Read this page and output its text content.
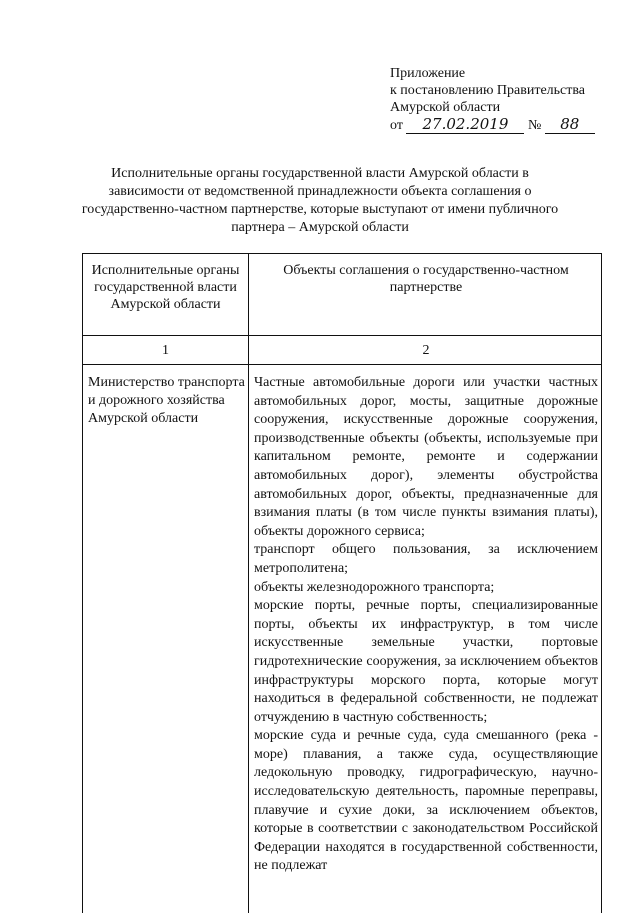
Приложение
к постановлению Правительства
Амурской области
от 27.02.2019 № 88
Исполнительные органы государственной власти Амурской области в зависимости от ведомственной принадлежности объекта соглашения о государственно-частном партнерстве, которые выступают от имени публичного партнера – Амурской области
Исполнительные органы государственной власти Амурской области
Объекты соглашения о государственно-частном партнерстве
1	2
Министерство транспорта и дорожного хозяйства Амурской области

Частные автомобильные дороги или участки частных автомобильных дорог, мосты, защитные дорожные сооружения, искусственные дорожные сооружения, производственные объекты (объекты, используемые при капитальном ремонте, ремонте и содержании автомобильных дорог), элементы обустройства автомобильных дорог, объекты, предназначенные для взимания платы (в том числе пункты взимания платы), объекты дорожного сервиса;

транспорт общего пользования, за исключением метрополитена;

объекты железнодорожного транспорта;

морские порты, речные порты, специализированные порты, объекты их инфраструктур, в том числе искусственные земельные участки, портовые гидротехнические сооружения, за исключением объектов инфраструктуры морского порта, которые могут находиться в федеральной собственности, не подлежат отчуждению в частную собственность;

морские суда и речные суда, суда смешанного (река - море) плавания, а также суда, осуществляющие ледокольную проводку, гидрографическую, научно-исследовательскую деятельность, паромные переправы, плавучие и сухие доки, за исключением объектов, которые в соответствии с законодательством Российской Федерации находятся в государственной собственности, не подлежат
